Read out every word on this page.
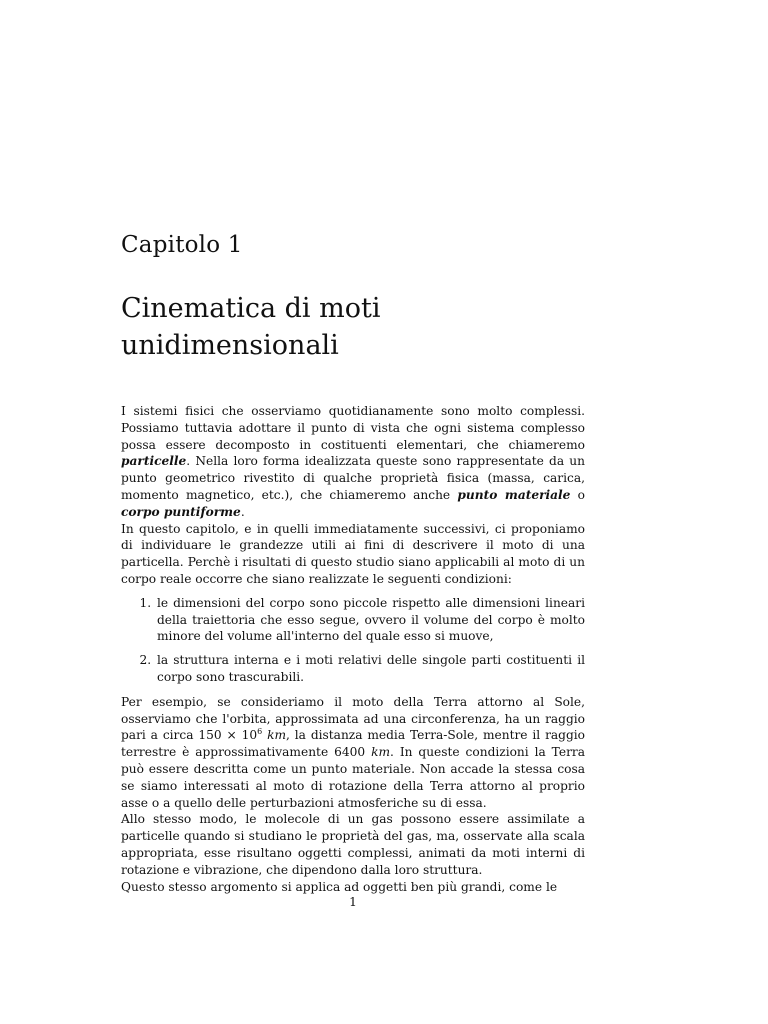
Capitolo 1
Cinematica di moti
unidimensionali

I sistemi fisici che osserviamo quotidianamente sono molto complessi. Possiamo tuttavia adottare il punto di vista che ogni sistema complesso possa essere decomposto in costituenti elementari, che chiameremo particelle. Nella loro forma idealizzata queste sono rappresentate da un punto geometrico rivestito di qualche proprietà fisica (massa, carica, momento magnetico, etc.), che chiameremo anche punto materiale o corpo puntiforme.

In questo capitolo, e in quelli immediatamente successivi, ci proponiamo di individuare le grandezze utili ai fini di descrivere il moto di una particella. Perchè i risultati di questo studio siano applicabili al moto di un corpo reale occorre che siano realizzate le seguenti condizioni:

1. le dimensioni del corpo sono piccole rispetto alle dimensioni lineari della traiettoria che esso segue, ovvero il volume del corpo è molto minore del volume all'interno del quale esso si muove,
2. la struttura interna e i moti relativi delle singole parti costituenti il corpo sono trascurabili.

Per esempio, se consideriamo il moto della Terra attorno al Sole, osserviamo che l'orbita, approssimata ad una circonferenza, ha un raggio pari a circa $150 \times 10^6$ km, la distanza media Terra-Sole, mentre il raggio terrestre è approssimativamente 6400 km. In queste condizioni la Terra può essere descritta come un punto materiale. Non accade la stessa cosa se siamo interessati al moto di rotazione della Terra attorno al proprio asse o a quello delle perturbazioni atmosferiche su di essa.

Allo stesso modo, le molecole di un gas possono essere assimilate a particelle quando si studiano le proprietà del gas, ma, osservate alla scala appropriata, esse risultano oggetti complessi, animati da moti interni di rotazione e vibrazione, che dipendono dalla loro struttura.

Questo stesso argomento si applica ad oggetti ben più grandi, come le

1
